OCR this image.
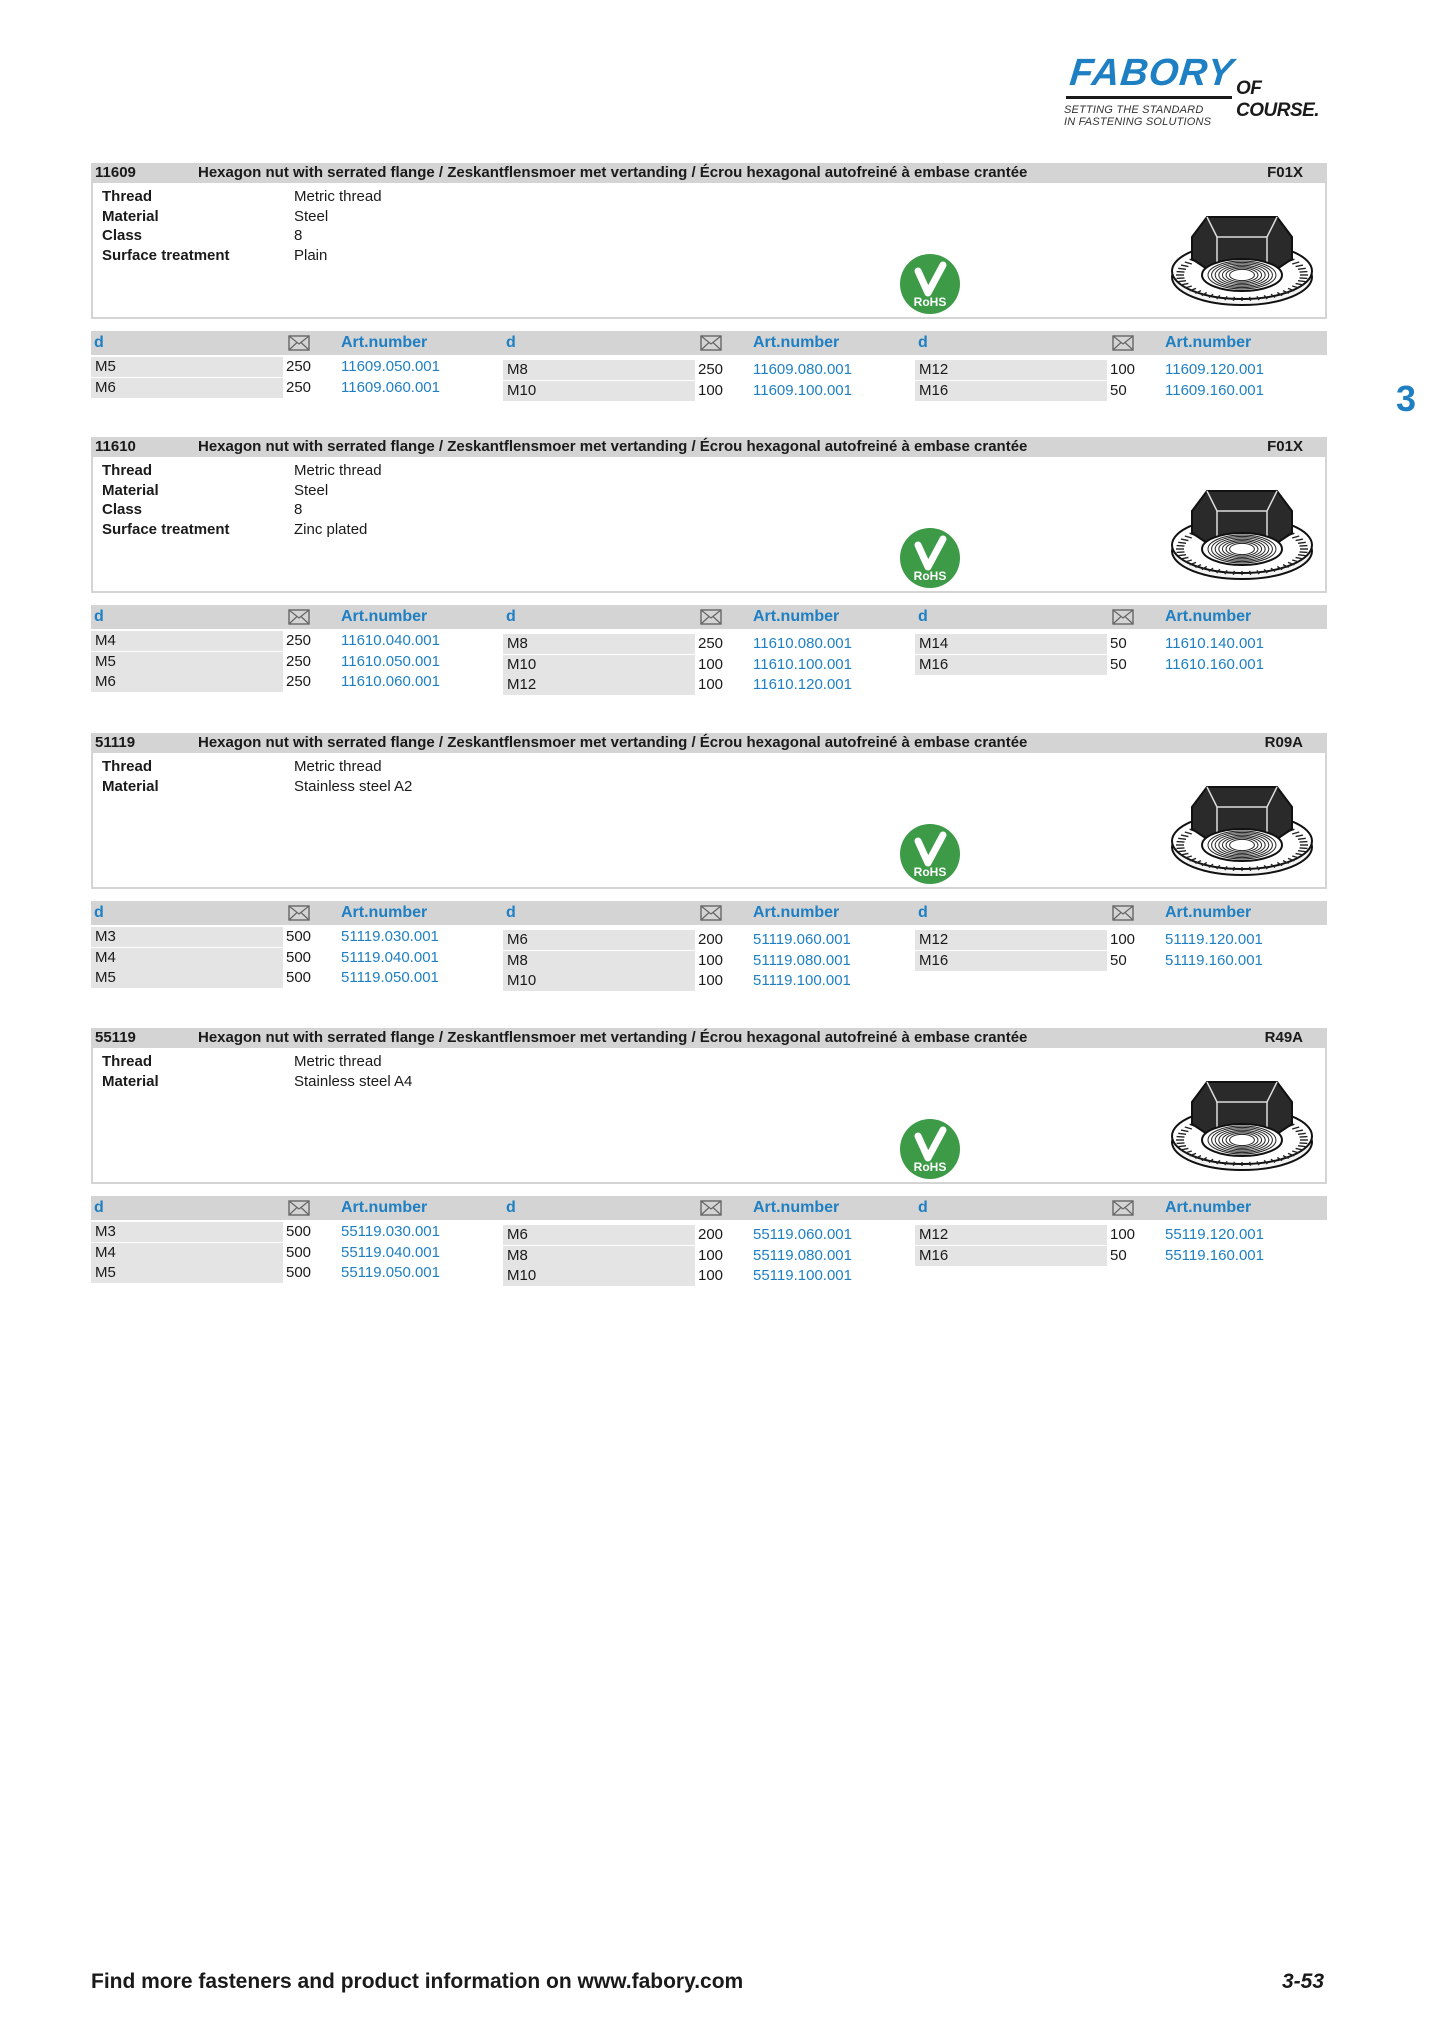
FABORY OF COURSE.
SETTING THE STANDARD
IN FASTENING SOLUTIONS
3
11609	Hexagon nut with serrated flange / Zeskantflensmoer met vertanding / Écrou hexagonal autofreiné à embase crantée	F01X
Thread	Metric thread
Material	Steel
Class	8
Surface treatment	Plain
RoHS
d	Art.number	d	Art.number	d	Art.number
M5	250 11609.050.001
M6	250 11609.060.001
M8	250 11609.080.001
M10	100 11609.100.001
M12	100 11609.120.001
M16	50	11609.160.001
11610	Hexagon nut with serrated flange / Zeskantflensmoer met vertanding / Écrou hexagonal autofreiné à embase crantée	F01X
Thread	Metric thread
Material	Steel
Class	8
Surface treatment	Zinc plated
RoHS
d	Art.number	d	Art.number	d	Art.number
M4	250 11610.040.001
M5	250 11610.050.001
M6	250 11610.060.001
M8	250 11610.080.001
M10	100 11610.100.001
M12	100 11610.120.001
M14	50	11610.140.001
M16	50	11610.160.001
51119	Hexagon nut with serrated flange / Zeskantflensmoer met vertanding / Écrou hexagonal autofreiné à embase crantée	R09A
Thread	Metric thread
Material	Stainless steel A2
RoHS
d	Art.number	d	Art.number	d	Art.number
M3	500 51119.030.001
M4	500 51119.040.001
M5	500 51119.050.001
M6	200 51119.060.001
M8	100 51119.080.001
M10	100 51119.100.001
M12	100 51119.120.001
M16	50	51119.160.001
55119	Hexagon nut with serrated flange / Zeskantflensmoer met vertanding / Écrou hexagonal autofreiné à embase crantée	R49A
Thread	Metric thread
Material	Stainless steel A4
RoHS
d	Art.number	d	Art.number	d	Art.number
M3	500 55119.030.001
M4	500 55119.040.001
M5	500 55119.050.001
M6	200 55119.060.001
M8	100 55119.080.001
M10	100 55119.100.001
M12	100 55119.120.001
M16	50	55119.160.001
Find more fasteners and product information on www.fabory.com	3-53
